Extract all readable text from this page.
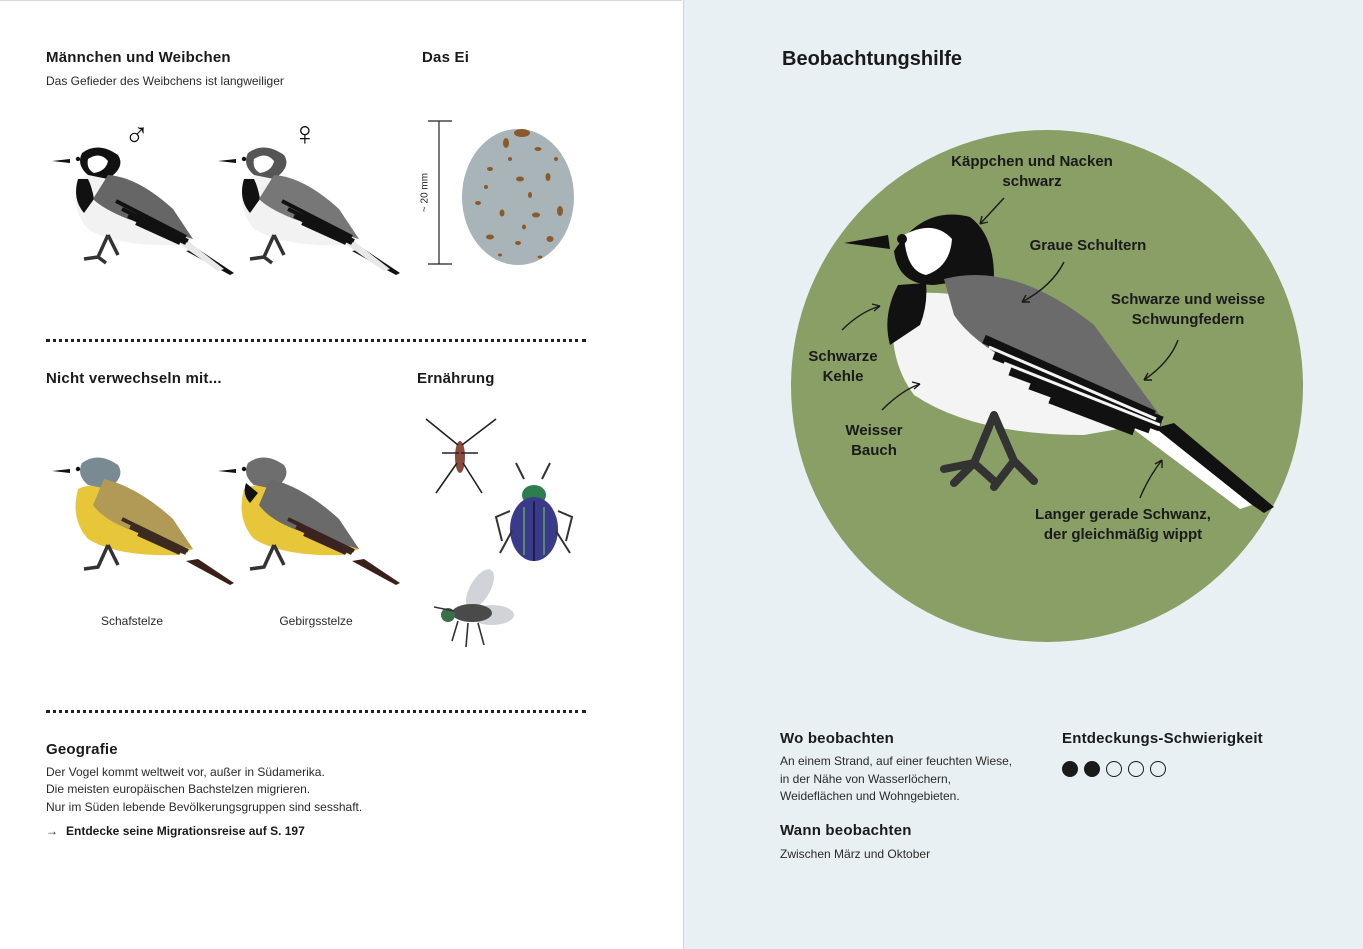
Männchen und Weibchen
Das Gefieder des Weibchens ist langweiliger
♂	♀
Das Ei
~ 20 mm
Nicht verwechseln mit...
Schafstelze	Gebirgsstelze
Ernährung
Geografie
Der Vogel kommt weltweit vor, außer in Südamerika.
Die meisten europäischen Bachstelzen migrieren.
Nur im Süden lebende Bevölkerungsgruppen sind sesshaft.
→ Entdecke seine Migrationsreise auf S. 197
Beobachtungshilfe
Käppchen und Nacken
schwarz
Graue Schultern
Schwarze und weisse
Schwungfedern
Schwarze
Kehle
Weisser
Bauch
Langer gerade Schwanz,
der gleichmäßig wippt
Wo beobachten
An einem Strand, auf einer feuchten Wiese,
in der Nähe von Wasserlöchern,
Weideflächen und Wohngebieten.
Wann beobachten
Zwischen März und Oktober
Entdeckungs-Schwierigkeit
